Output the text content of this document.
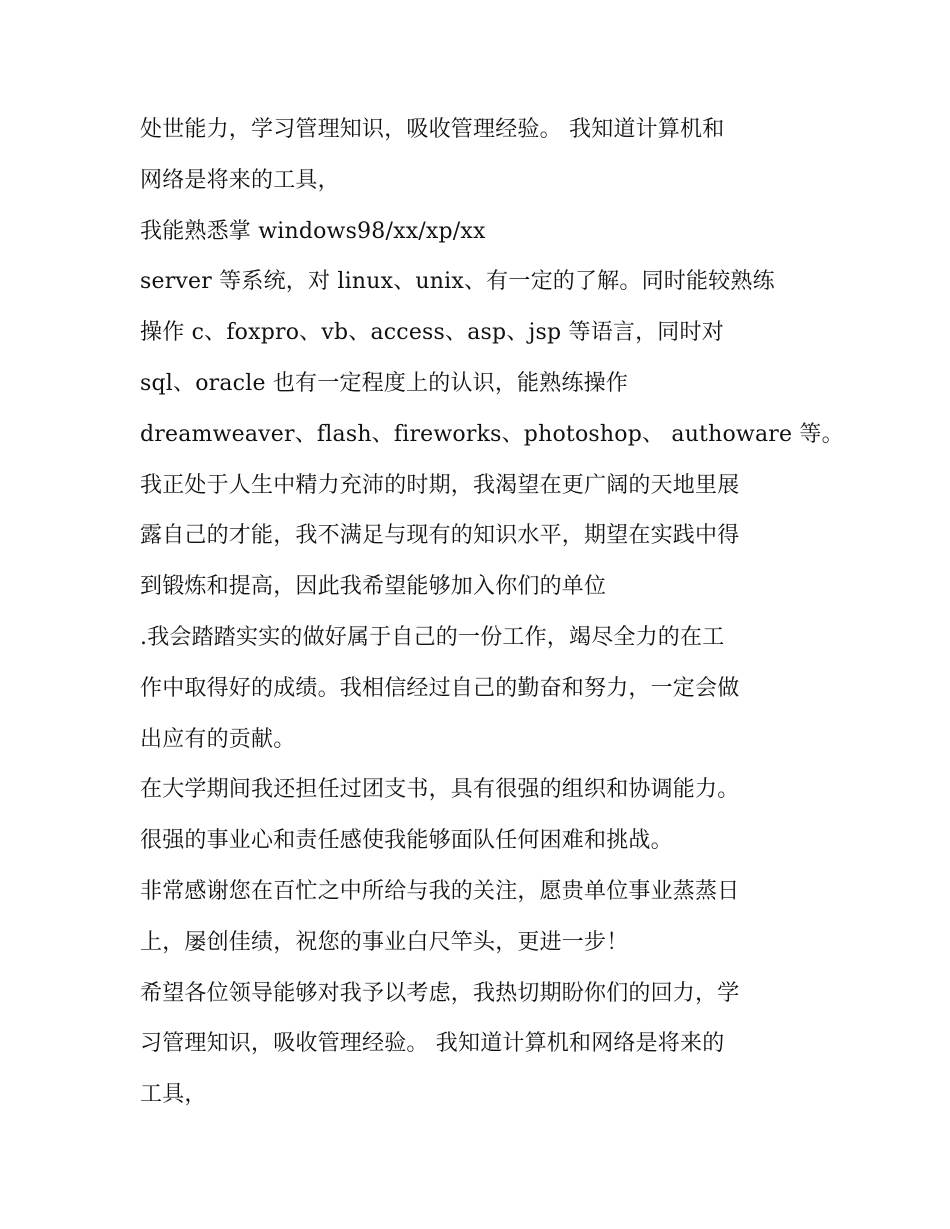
处世能力，学习管理知识，吸收管理经验。 我知道计算机和
网络是将来的工具，
我能熟悉掌 windows98/xx/xp/xx
server 等系统，对 linux、unix、有一定的了解。同时能较熟练
操作 c、foxpro、vb、access、asp、jsp 等语言，同时对
sql、oracle 也有一定程度上的认识，能熟练操作
dreamweaver、flash、fireworks、photoshop、 authoware 等。
我正处于人生中精力充沛的时期，我渴望在更广阔的天地里展
露自己的才能，我不满足与现有的知识水平，期望在实践中得
到锻炼和提高，因此我希望能够加入你们的单位
.我会踏踏实实的做好属于自己的一份工作，竭尽全力的在工
作中取得好的成绩。我相信经过自己的勤奋和努力，一定会做
出应有的贡献。
在大学期间我还担任过团支书，具有很强的组织和协调能力。
很强的事业心和责任感使我能够面队任何困难和挑战。
非常感谢您在百忙之中所给与我的关注，愿贵单位事业蒸蒸日
上，屡创佳绩，祝您的事业白尺竿头，更进一步！
希望各位领导能够对我予以考虑，我热切期盼你们的回力，学
习管理知识，吸收管理经验。 我知道计算机和网络是将来的
工具，
